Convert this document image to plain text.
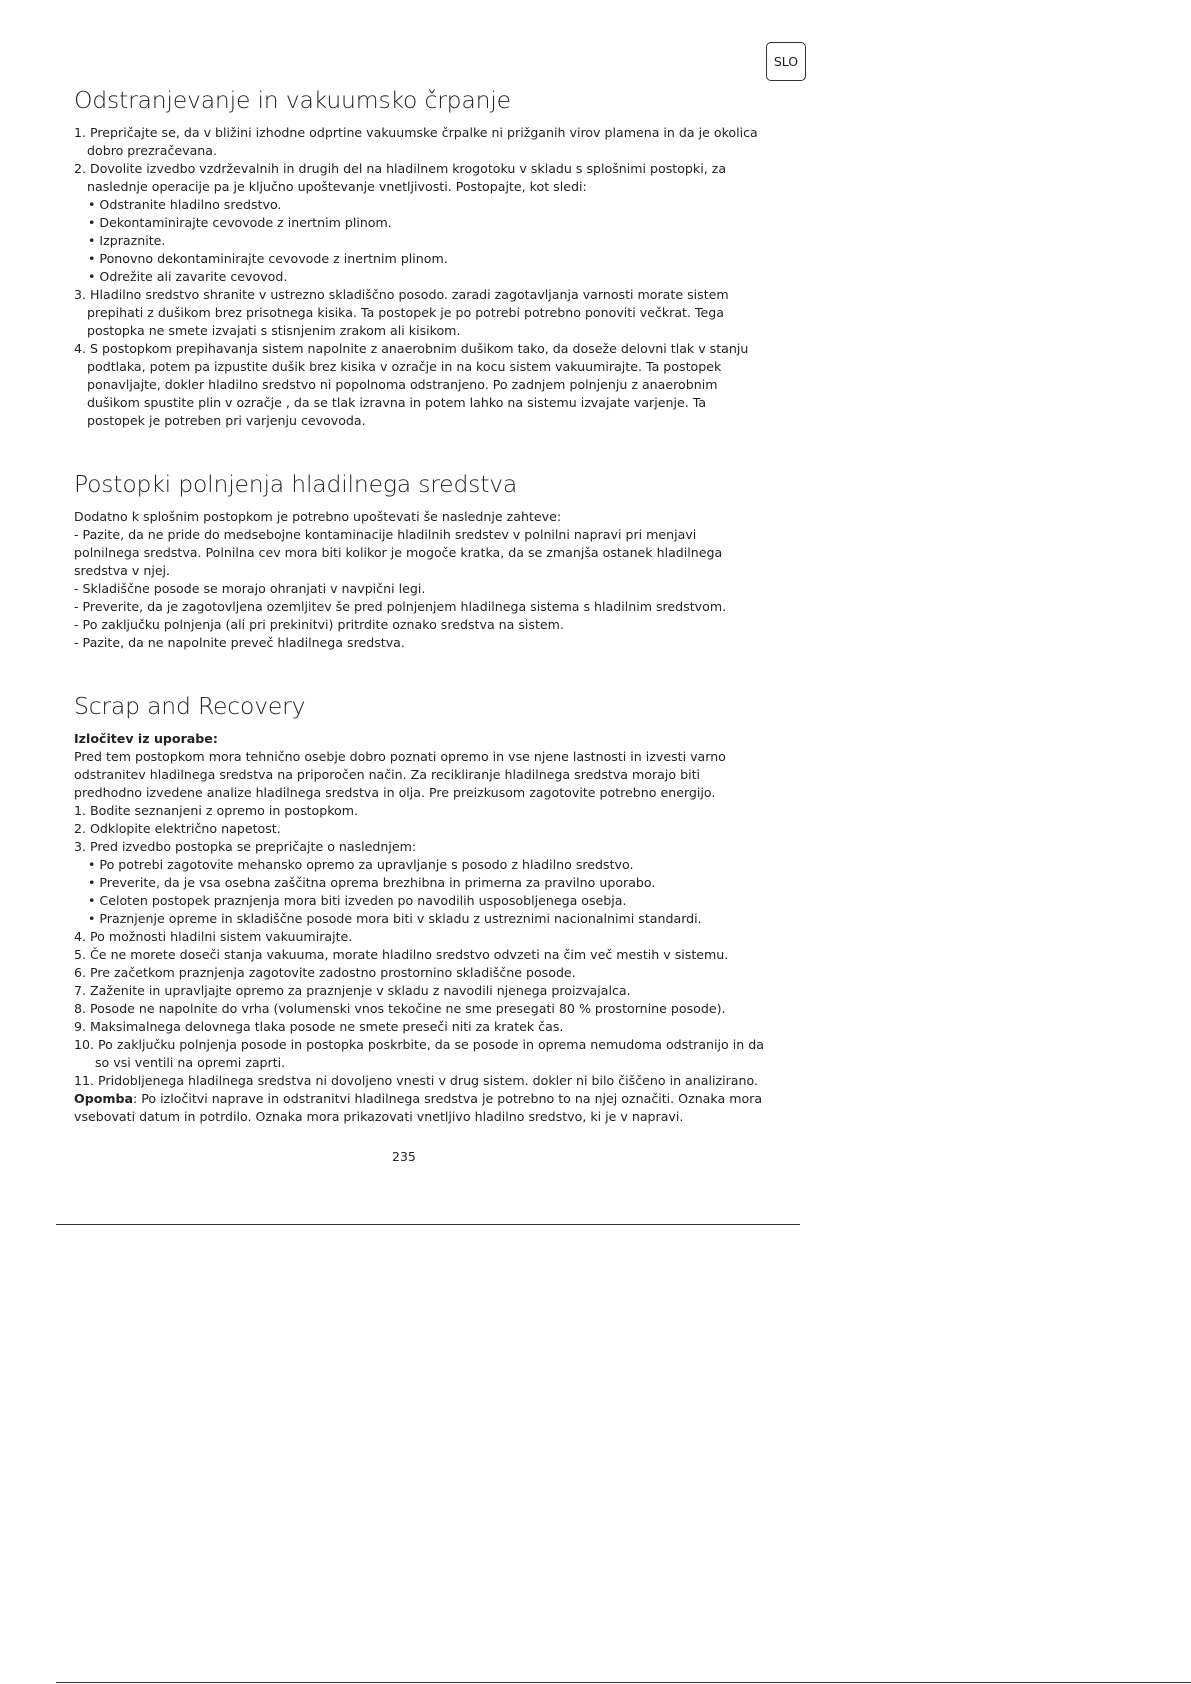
SLO
Odstranjevanje in vakuumsko črpanje
1. Prepričajte se, da v bližini izhodne odprtine vakuumske črpalke ni prižganih virov plamena in da je okolica dobro prezračevana.
2. Dovolite izvedbo vzdrževalnih in drugih del na hladilnem krogotoku v skladu s splošnimi postopki, za naslednje operacije pa je ključno upoštevanje vnetljivosti. Postopajte, kot sledi:
• Odstranite hladilno sredstvo.
• Dekontaminirajte cevovode z inertnim plinom.
• Izpraznite.
• Ponovno dekontaminirajte cevovode z inertnim plinom.
• Odrežite ali zavarite cevovod.
3. Hladilno sredstvo shranite v ustrezno skladiščno posodo. zaradi zagotavljanja varnosti morate sistem prepihati z dušikom brez prisotnega kisika. Ta postopek je po potrebi potrebno ponoviti večkrat. Tega postopka ne smete izvajati s stisnjenim zrakom ali kisikom.
4. S postopkom prepihavanja sistem napolnite z anaerobnim dušikom tako, da doseže delovni tlak v stanju podtlaka, potem pa izpustite dušik brez kisika v ozračje in na kocu sistem vakuumirajte. Ta postopek ponavljajte, dokler hladilno sredstvo ni popolnoma odstranjeno. Po zadnjem polnjenju z anaerobnim dušikom spustite plin v ozračje , da se tlak izravna in potem lahko na sistemu izvajate varjenje. Ta postopek je potreben pri varjenju cevovoda.
Postopki polnjenja hladilnega sredstva
Dodatno k splošnim postopkom je potrebno upoštevati še naslednje zahteve:
- Pazite, da ne pride do medsebojne kontaminacije hladilnih sredstev v polnilni napravi pri menjavi polnilnega sredstva. Polnilna cev mora biti kolikor je mogoče kratka, da se zmanjša ostanek hladilnega sredstva v njej.
- Skladiščne posode se morajo ohranjati v navpični legi.
- Preverite, da je zagotovljena ozemljitev še pred polnjenjem hladilnega sistema s hladilnim sredstvom.
- Po zaključku polnjenja (ali pri prekinitvi) pritrdite oznako sredstva na sistem.
- Pazite, da ne napolnite preveč hladilnega sredstva.
Scrap and Recovery
Izločitev iz uporabe:
Pred tem postopkom mora tehnično osebje dobro poznati opremo in vse njene lastnosti in izvesti varno odstranitev hladilnega sredstva na priporočen način. Za recikliranje hladilnega sredstva morajo biti predhodno izvedene analize hladilnega sredstva in olja. Pre preizkusom zagotovite potrebno energijo.
1. Bodite seznanjeni z opremo in postopkom.
2. Odklopite električno napetost.
3. Pred izvedbo postopka se prepričajte o naslednjem:
• Po potrebi zagotovite mehansko opremo za upravljanje s posodo z hladilno sredstvo.
• Preverite, da je vsa osebna zaščitna oprema brezhibna in primerna za pravilno uporabo.
• Celoten postopek praznjenja mora biti izveden po navodilih usposobljenega osebja.
• Praznjenje opreme in skladiščne posode mora biti v skladu z ustreznimi nacionalnimi standardi.
4. Po možnosti hladilni sistem vakuumirajte.
5. Če ne morete doseči stanja vakuuma, morate hladilno sredstvo odvzeti na čim več mestih v sistemu.
6. Pre začetkom praznjenja zagotovite zadostno prostornino skladiščne posode.
7. Zaženite in upravljajte opremo za praznjenje v skladu z navodili njenega proizvajalca.
8. Posode ne napolnite do vrha (volumenski vnos tekočine ne sme presegati 80 % prostornine posode).
9. Maksimalnega delovnega tlaka posode ne smete preseči niti za kratek čas.
10. Po zaključku polnjenja posode in postopka poskrbite, da se posode in oprema nemudoma odstranijo in da so vsi ventili na opremi zaprti.
11. Pridobljenega hladilnega sredstva ni dovoljeno vnesti v drug sistem. dokler ni bilo čiščeno in analizirano.
Opomba: Po izločitvi naprave in odstranitvi hladilnega sredstva je potrebno to na njej označiti. Oznaka mora vsebovati datum in potrdilo. Oznaka mora prikazovati vnetljivo hladilno sredstvo, ki je v napravi.
235
